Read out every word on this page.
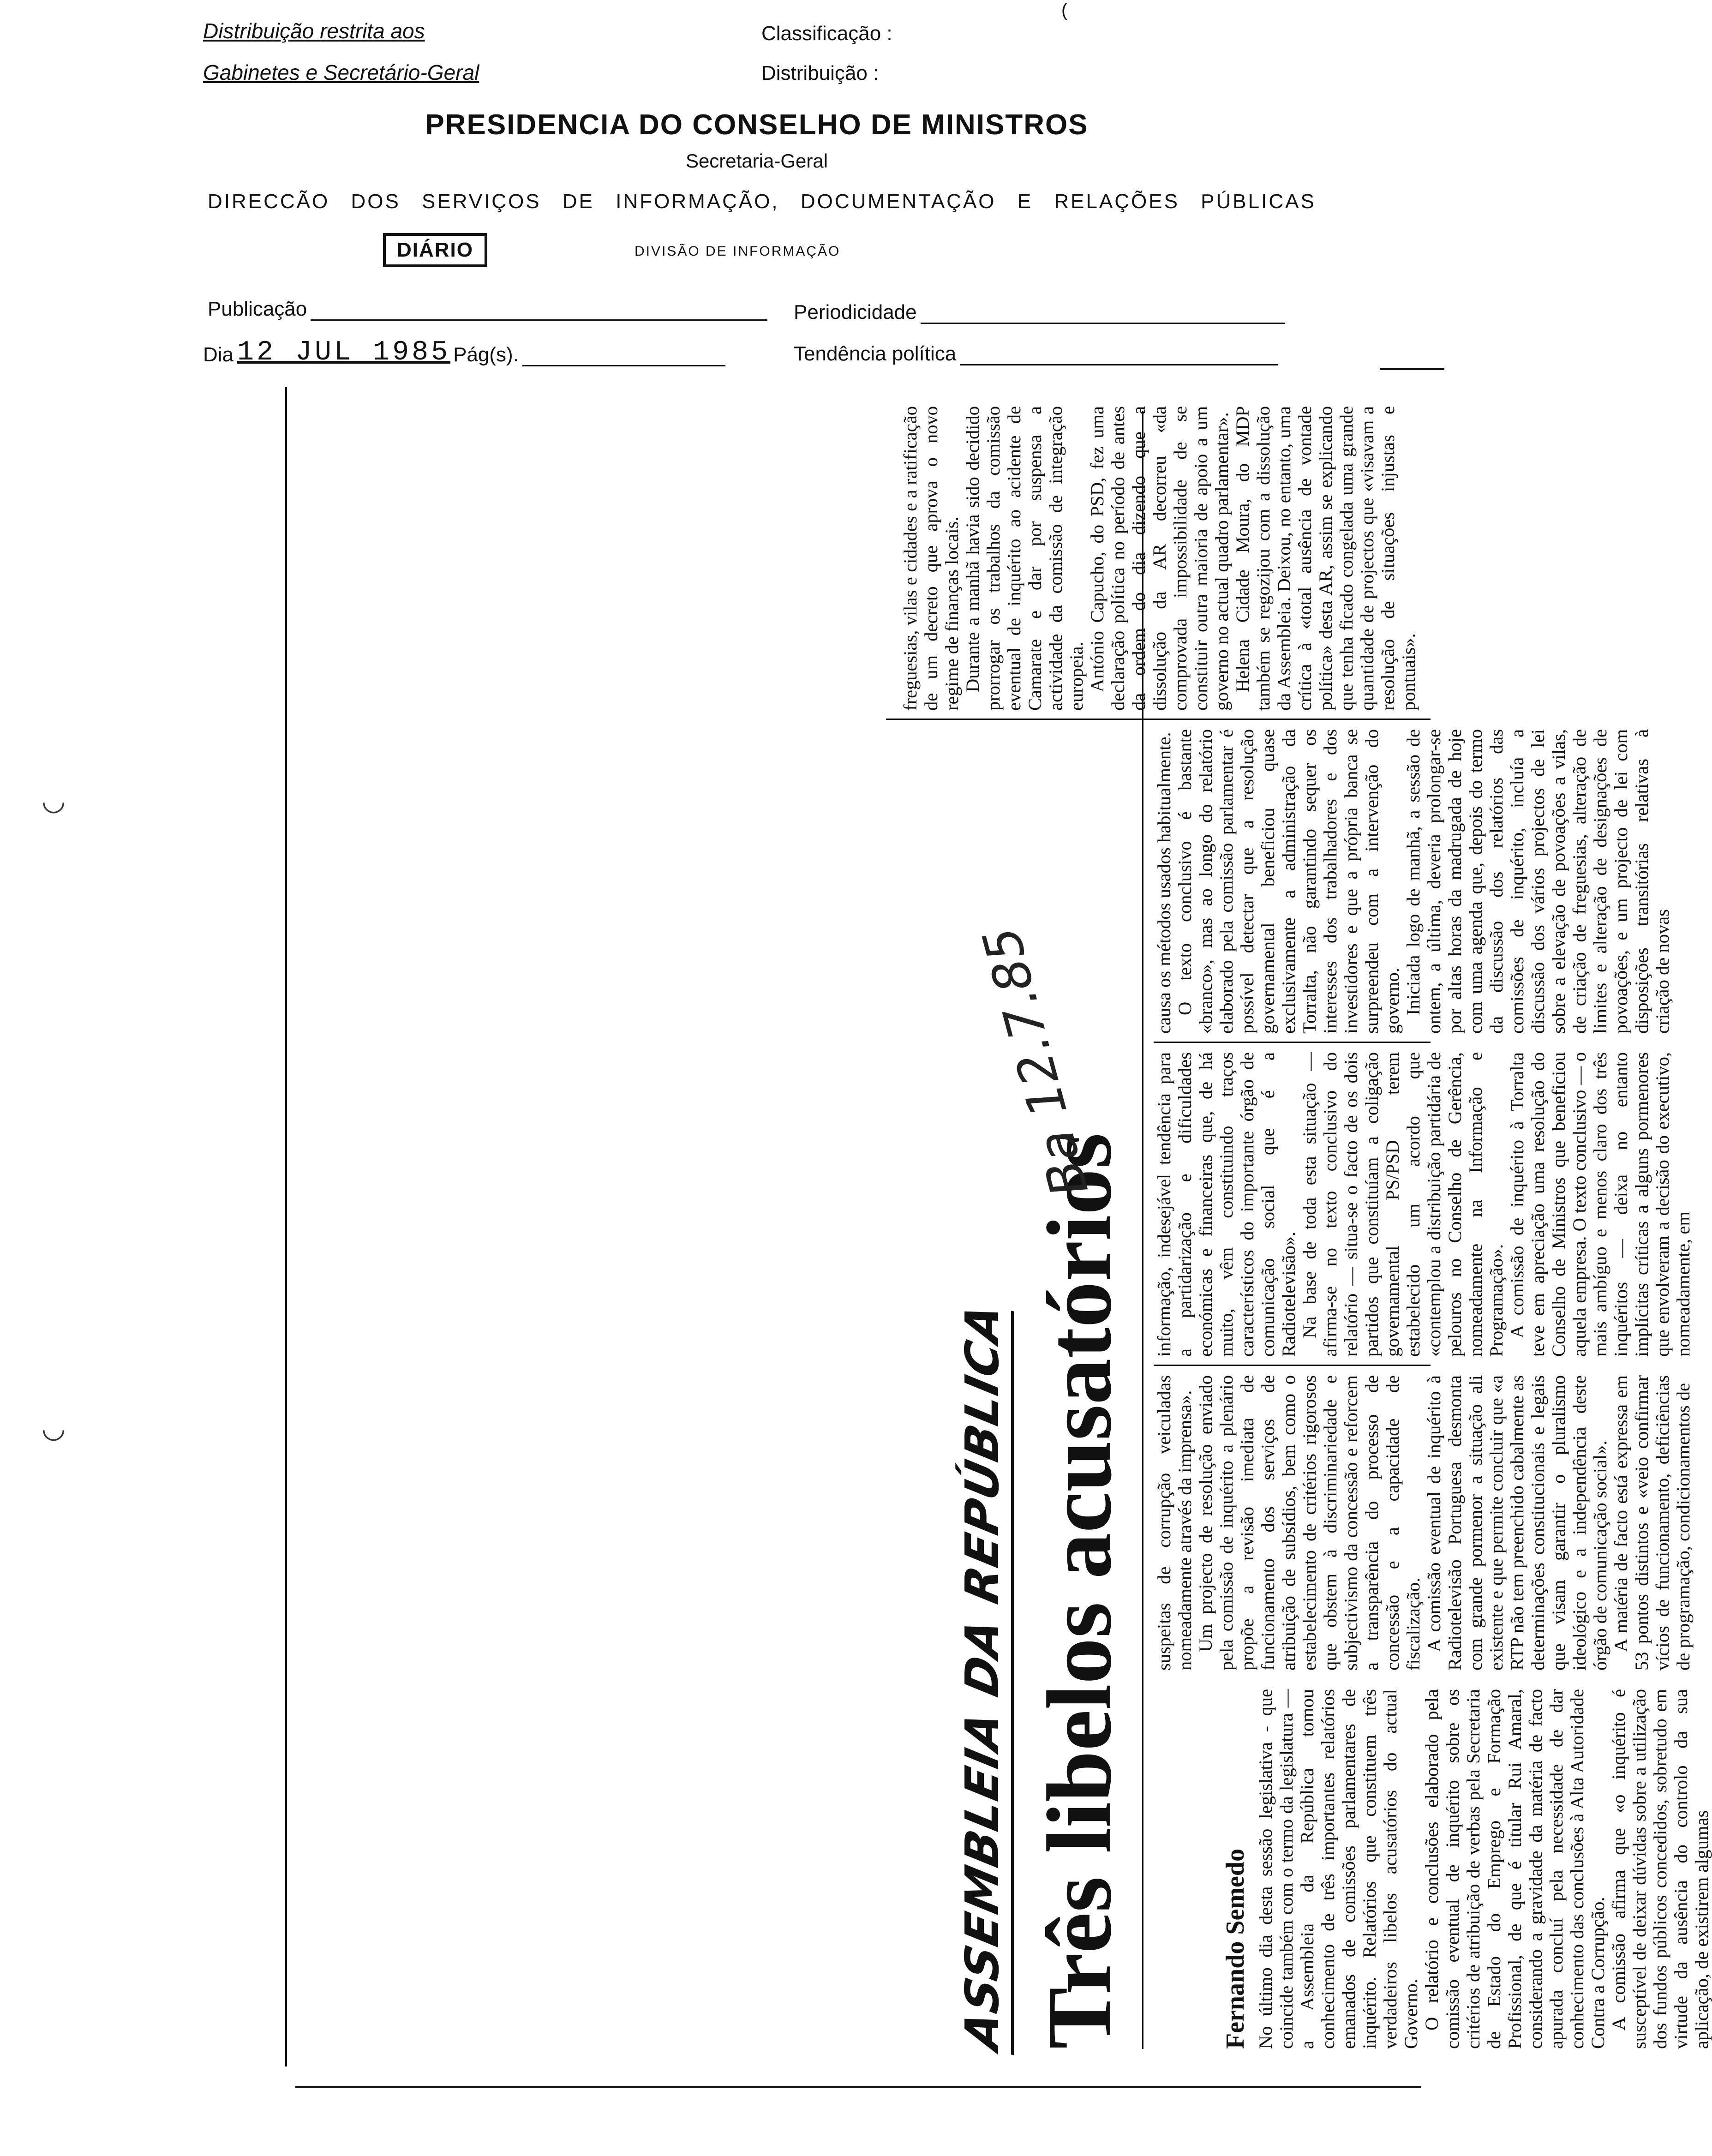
Distribuição restrita aos
Gabinetes e Secretário-Geral
Classificação :
Distribuição :
(
PRESIDENCIA DO CONSELHO DE MINISTROS
Secretaria-Geral
DIRECCÃO DOS SERVIÇOS DE INFORMAÇÃO, DOCUMENTAÇÃO E RELAÇÕES PÚBLICAS
DIÁRIO	DIVISÃO DE INFORMAÇÃO
Publicação	Periodicidade
Dia 12 JUL 1985 Pág(s).	Tendência política
◡
◡	ASSEMBLEIA DA REPÚBLICA Três libelos acusatórios
Ba 12.7.85
Fernando Semedo No último dia desta sessão legislativa - que coincide também com o termo da legislatura — a Assembleia da República tomou conhecimento de três importantes relatórios emanados de comissões parlamentares de inquérito. Relatórios que constituem três verdadeiros libelos acusatórios do actual Governo. O relatório e conclusões elaborado pela comissão eventual de inquérito sobre os critérios de atribuição de verbas pela Secretaria de Estado do Emprego e Formação Profissional, de que é titular Rui Amaral, considerando a gravidade da matéria de facto apurada concluí pela necessidade de dar conhecimento das conclusões à Alta Autoridade Contra a Corrupção. A comissão afirma que «o inquérito é susceptível de deixar dúvidas sobre a utilização dos fundos públicos concedidos, sobretudo em virtude da ausência do controlo da sua aplicação, de existirem algumas

suspeitas de corrupção veiculadas nomeadamente através da imprensa». Um projecto de resolução enviado pela comissão de inquérito a plenário propõe a revisão imediata de funcionamento dos serviços de atribuição de subsídios, bem como o estabelecimento de critérios rigorosos que obstem à discriminariedade e subjectivismo da concessão e reforcem a transparência do processo de concessão e a capacidade de fiscalização. A comissão eventual de inquérito à Radiotelevisão Portuguesa desmonta com grande pormenor a situação ali existente e que permite concluir que «a RTP não tem preenchido cabalmente as determinações constitucionais e legais que visam garantir o pluralismo ideológico e a independência deste órgão de comunicação social». A matéria de facto está expressa em 53 pontos distintos e «veio confirmar vícios de funcionamento, deficiências de programação, condicionamentos de

informação, indesejável tendência para a partidarização e dificuldades económicas e financeiras que, de há muito, vêm constituindo traços característicos do importante órgão de comunicação social que é a Radiotelevisão». Na base de toda esta situação — afirma-se no texto conclusivo do relatório — situa-se o facto de os dois partidos que constituíam a coligação governamental PS/PSD terem estabelecido um acordo que «contemplou a distribuição partidária de pelouros no Conselho de Gerência, nomeadamente na Informação e Programação». A comissão de inquérito à Torralta teve em apreciação uma resolução do Conselho de Ministros que beneficiou aquela empresa. O texto conclusivo — o mais ambíguo e menos claro dos três inquéritos — deixa no entanto implícitas críticas a alguns pormenores que envolveram a decisão do executivo, nomeadamente, em

causa os métodos usados habitualmente. O texto conclusivo é bastante «branco», mas ao longo do relatório elaborado pela comissão parlamentar é possível detectar que a resolução governamental beneficiou quase exclusivamente a administração da Torralta, não garantindo sequer os interesses dos trabalhadores e dos investidores e que a própria banca se surpreendeu com a intervenção do governo. Iniciada logo de manhã, a sessão de ontem, a última, deveria prolongar-se por altas horas da madrugada de hoje com uma agenda que, depois do termo da discussão dos relatórios das comissões de inquérito, incluía a discussão dos vários projectos de lei sobre a elevação de povoações a vilas, de criação de freguesias, alteração de limites e alteração de designações de povoações, e um projecto de lei com disposições transitórias relativas à criação de novas

freguesias, vilas e cidades e a ratificação de um decreto que aprova o novo regime de finanças locais. Durante a manhã havia sido decidido prorrogar os trabalhos da comissão eventual de inquérito ao acidente de Camarate e dar por suspensa a actividade da comissão de integração europeia. António Capucho, do PSD, fez uma declaração política no período de antes da ordem do dia dizendo que a dissolução da AR decorreu «da comprovada impossibilidade de se constituir outra maioria de apoio a um governo no actual quadro parlamentar». Helena Cidade Moura, do MDP também se regozijou com a dissolução da Assembleia. Deixou, no entanto, uma crítica à «total ausência de vontade política» desta AR, assim se explicando que tenha ficado congelada uma grande quantidade de projectos que «visavam a resolução de situações injustas e pontuais».
